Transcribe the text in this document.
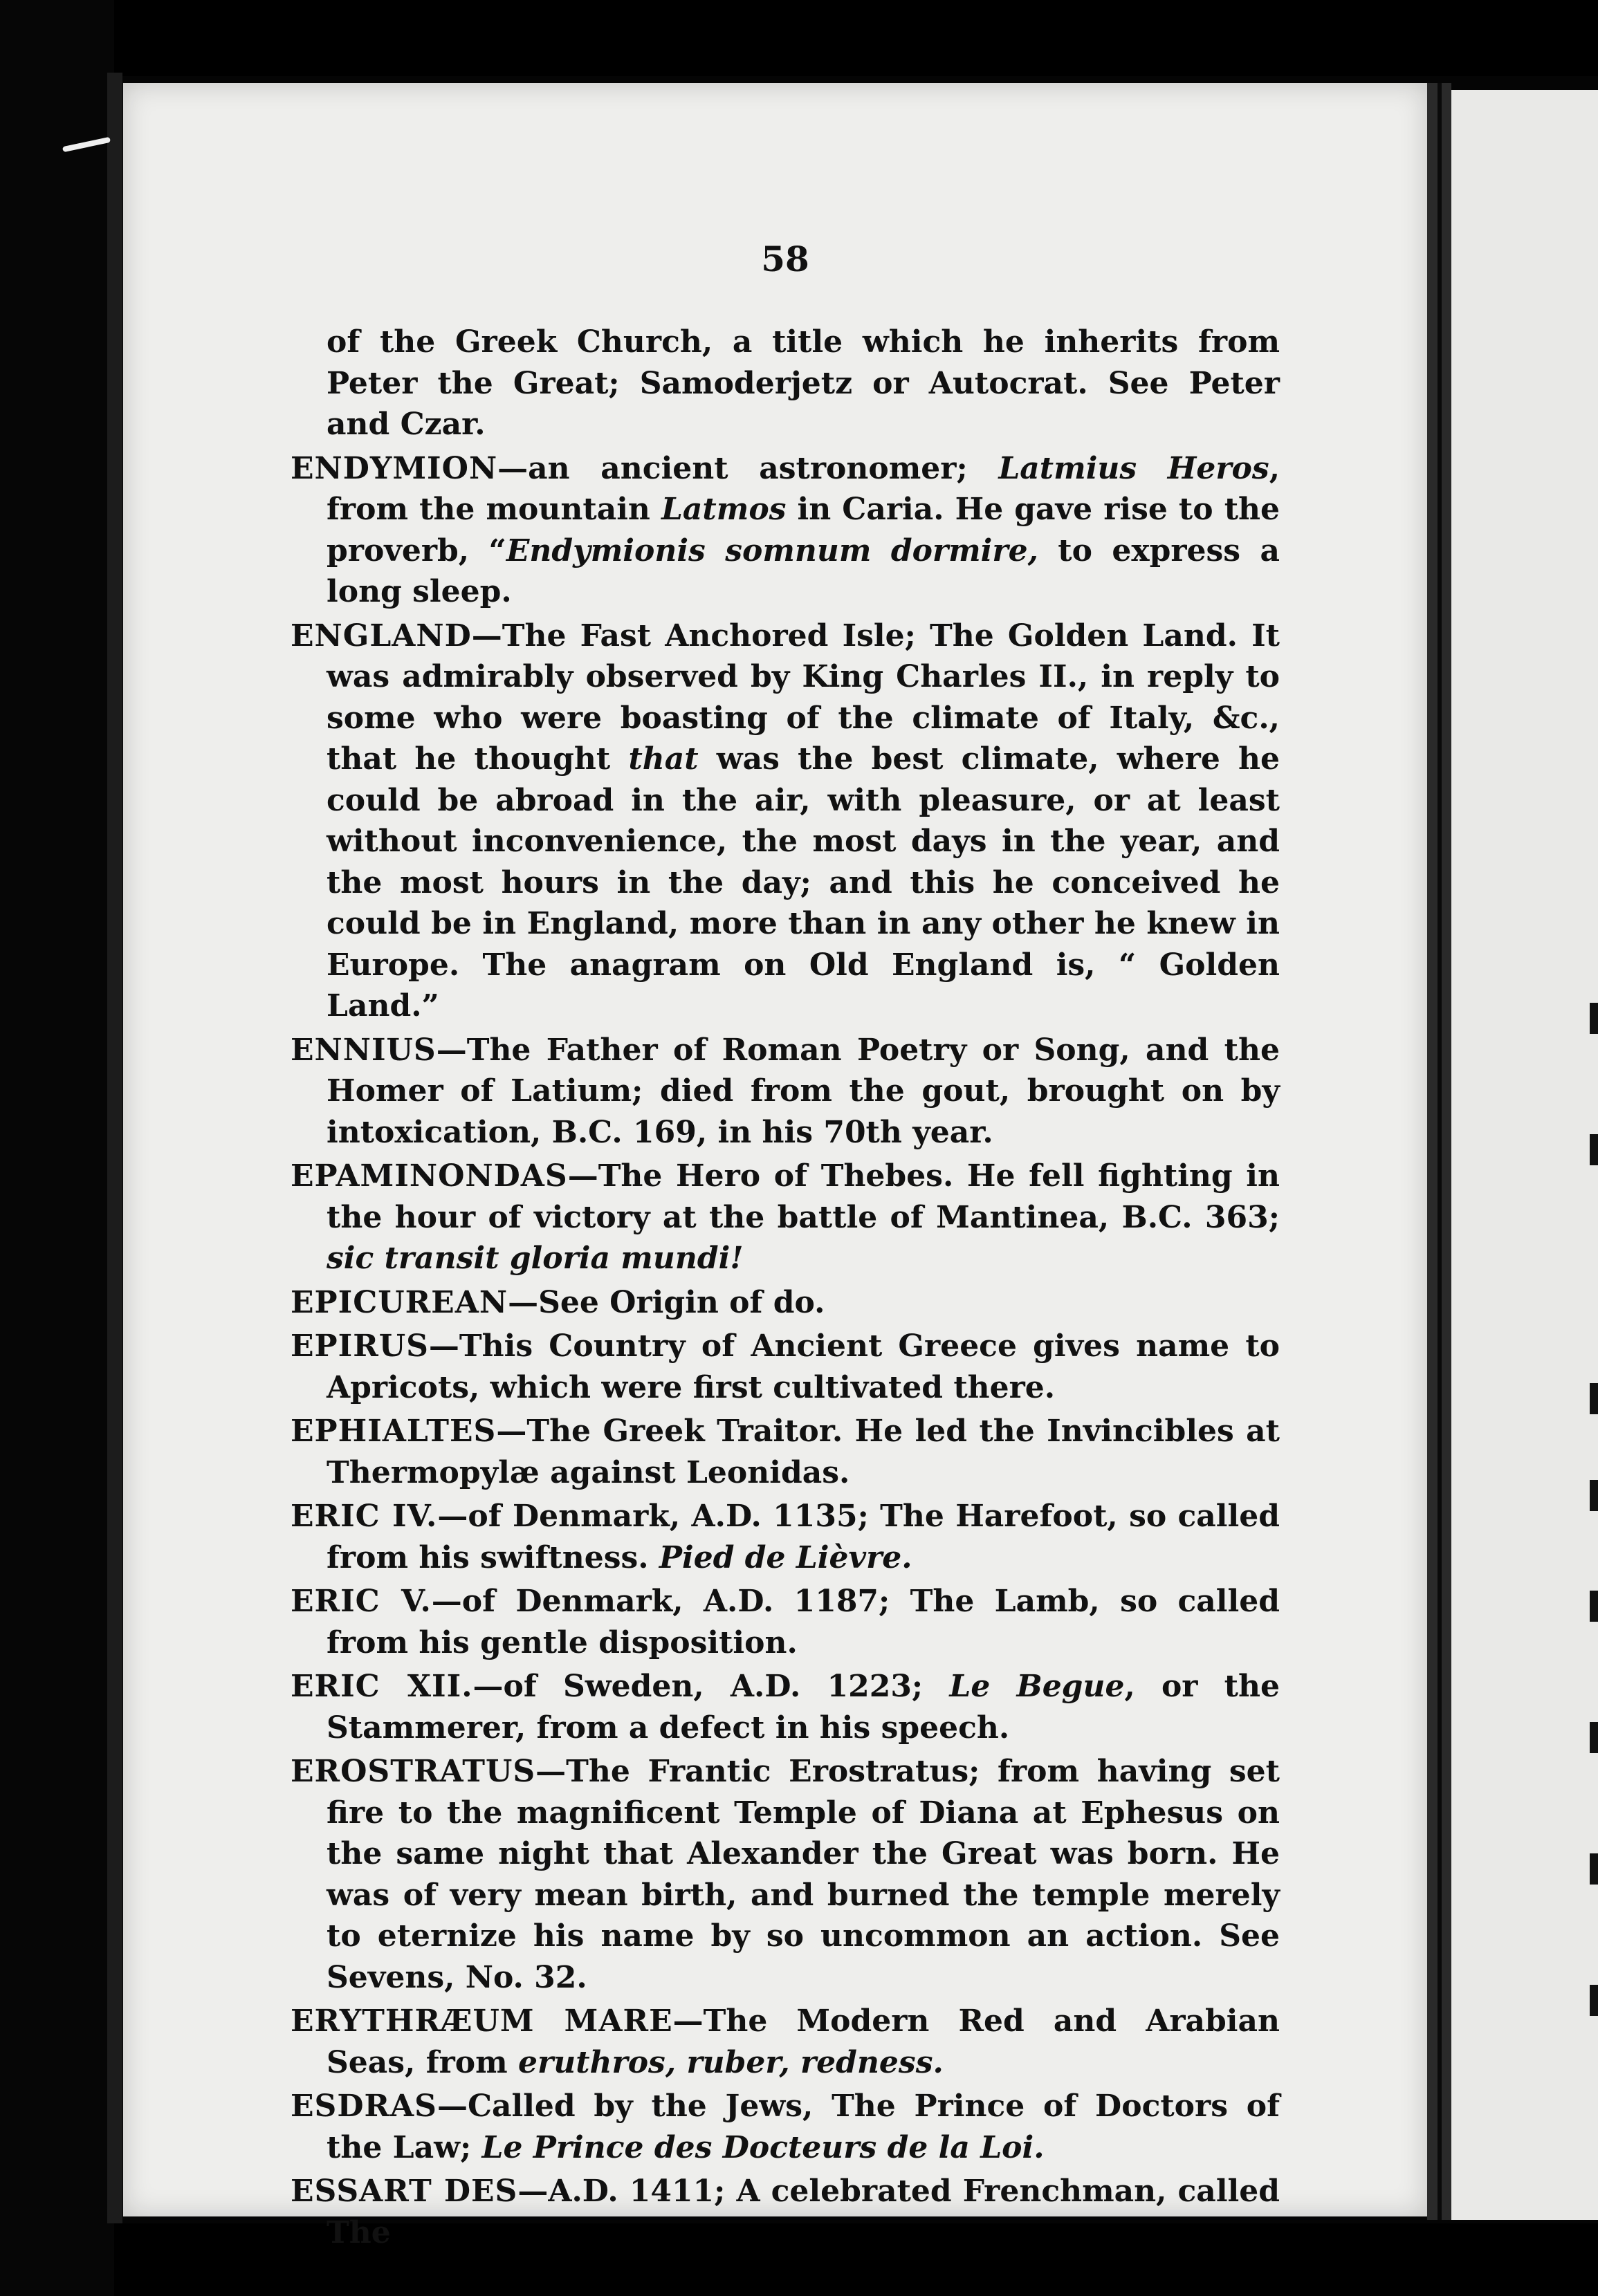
58

of the Greek Church, a title which he inherits from Peter the Great; Samoderjetz or Autocrat. See Peter and Czar.

ENDYMION—an ancient astronomer; Latmius Heros, from the mountain Latmos in Caria. He gave rise to the proverb, “Endymionis somnum dormire, to express a long sleep.

ENGLAND—The Fast Anchored Isle; The Golden Land. It was admirably observed by King Charles II., in reply to some who were boasting of the climate of Italy, &c., that he thought that was the best climate, where he could be abroad in the air, with pleasure, or at least without inconvenience, the most days in the year, and the most hours in the day; and this he conceived he could be in England, more than in any other he knew in Europe. The anagram on Old England is, “ Golden Land.”

ENNIUS—The Father of Roman Poetry or Song, and the Homer of Latium; died from the gout, brought on by intoxication, B.C. 169, in his 70th year.

EPAMINONDAS—The Hero of Thebes. He fell fighting in the hour of victory at the battle of Mantinea, B.C. 363; sic transit gloria mundi!

EPICUREAN—See Origin of do.

EPIRUS—This Country of Ancient Greece gives name to Apricots, which were first cultivated there.

EPHIALTES—The Greek Traitor. He led the Invincibles at Thermopylæ against Leonidas.

ERIC IV.—of Denmark, A.D. 1135; The Harefoot, so called from his swiftness. Pied de Lièvre.

ERIC V.—of Denmark, A.D. 1187; The Lamb, so called from his gentle disposition.

ERIC XII.—of Sweden, A.D. 1223; Le Begue, or the Stammerer, from a defect in his speech.

EROSTRATUS—The Frantic Erostratus; from having set fire to the magnificent Temple of Diana at Ephesus on the same night that Alexander the Great was born. He was of very mean birth, and burned the temple merely to eternize his name by so uncommon an action. See Sevens, No. 32.

ERYTHRÆUM MARE—The Modern Red and Arabian Seas, from eruthros, ruber, redness.

ESDRAS—Called by the Jews, The Prince of Doctors of the Law; Le Prince des Docteurs de la Loi.

ESSART DES—A.D. 1411; A celebrated Frenchman, called The
